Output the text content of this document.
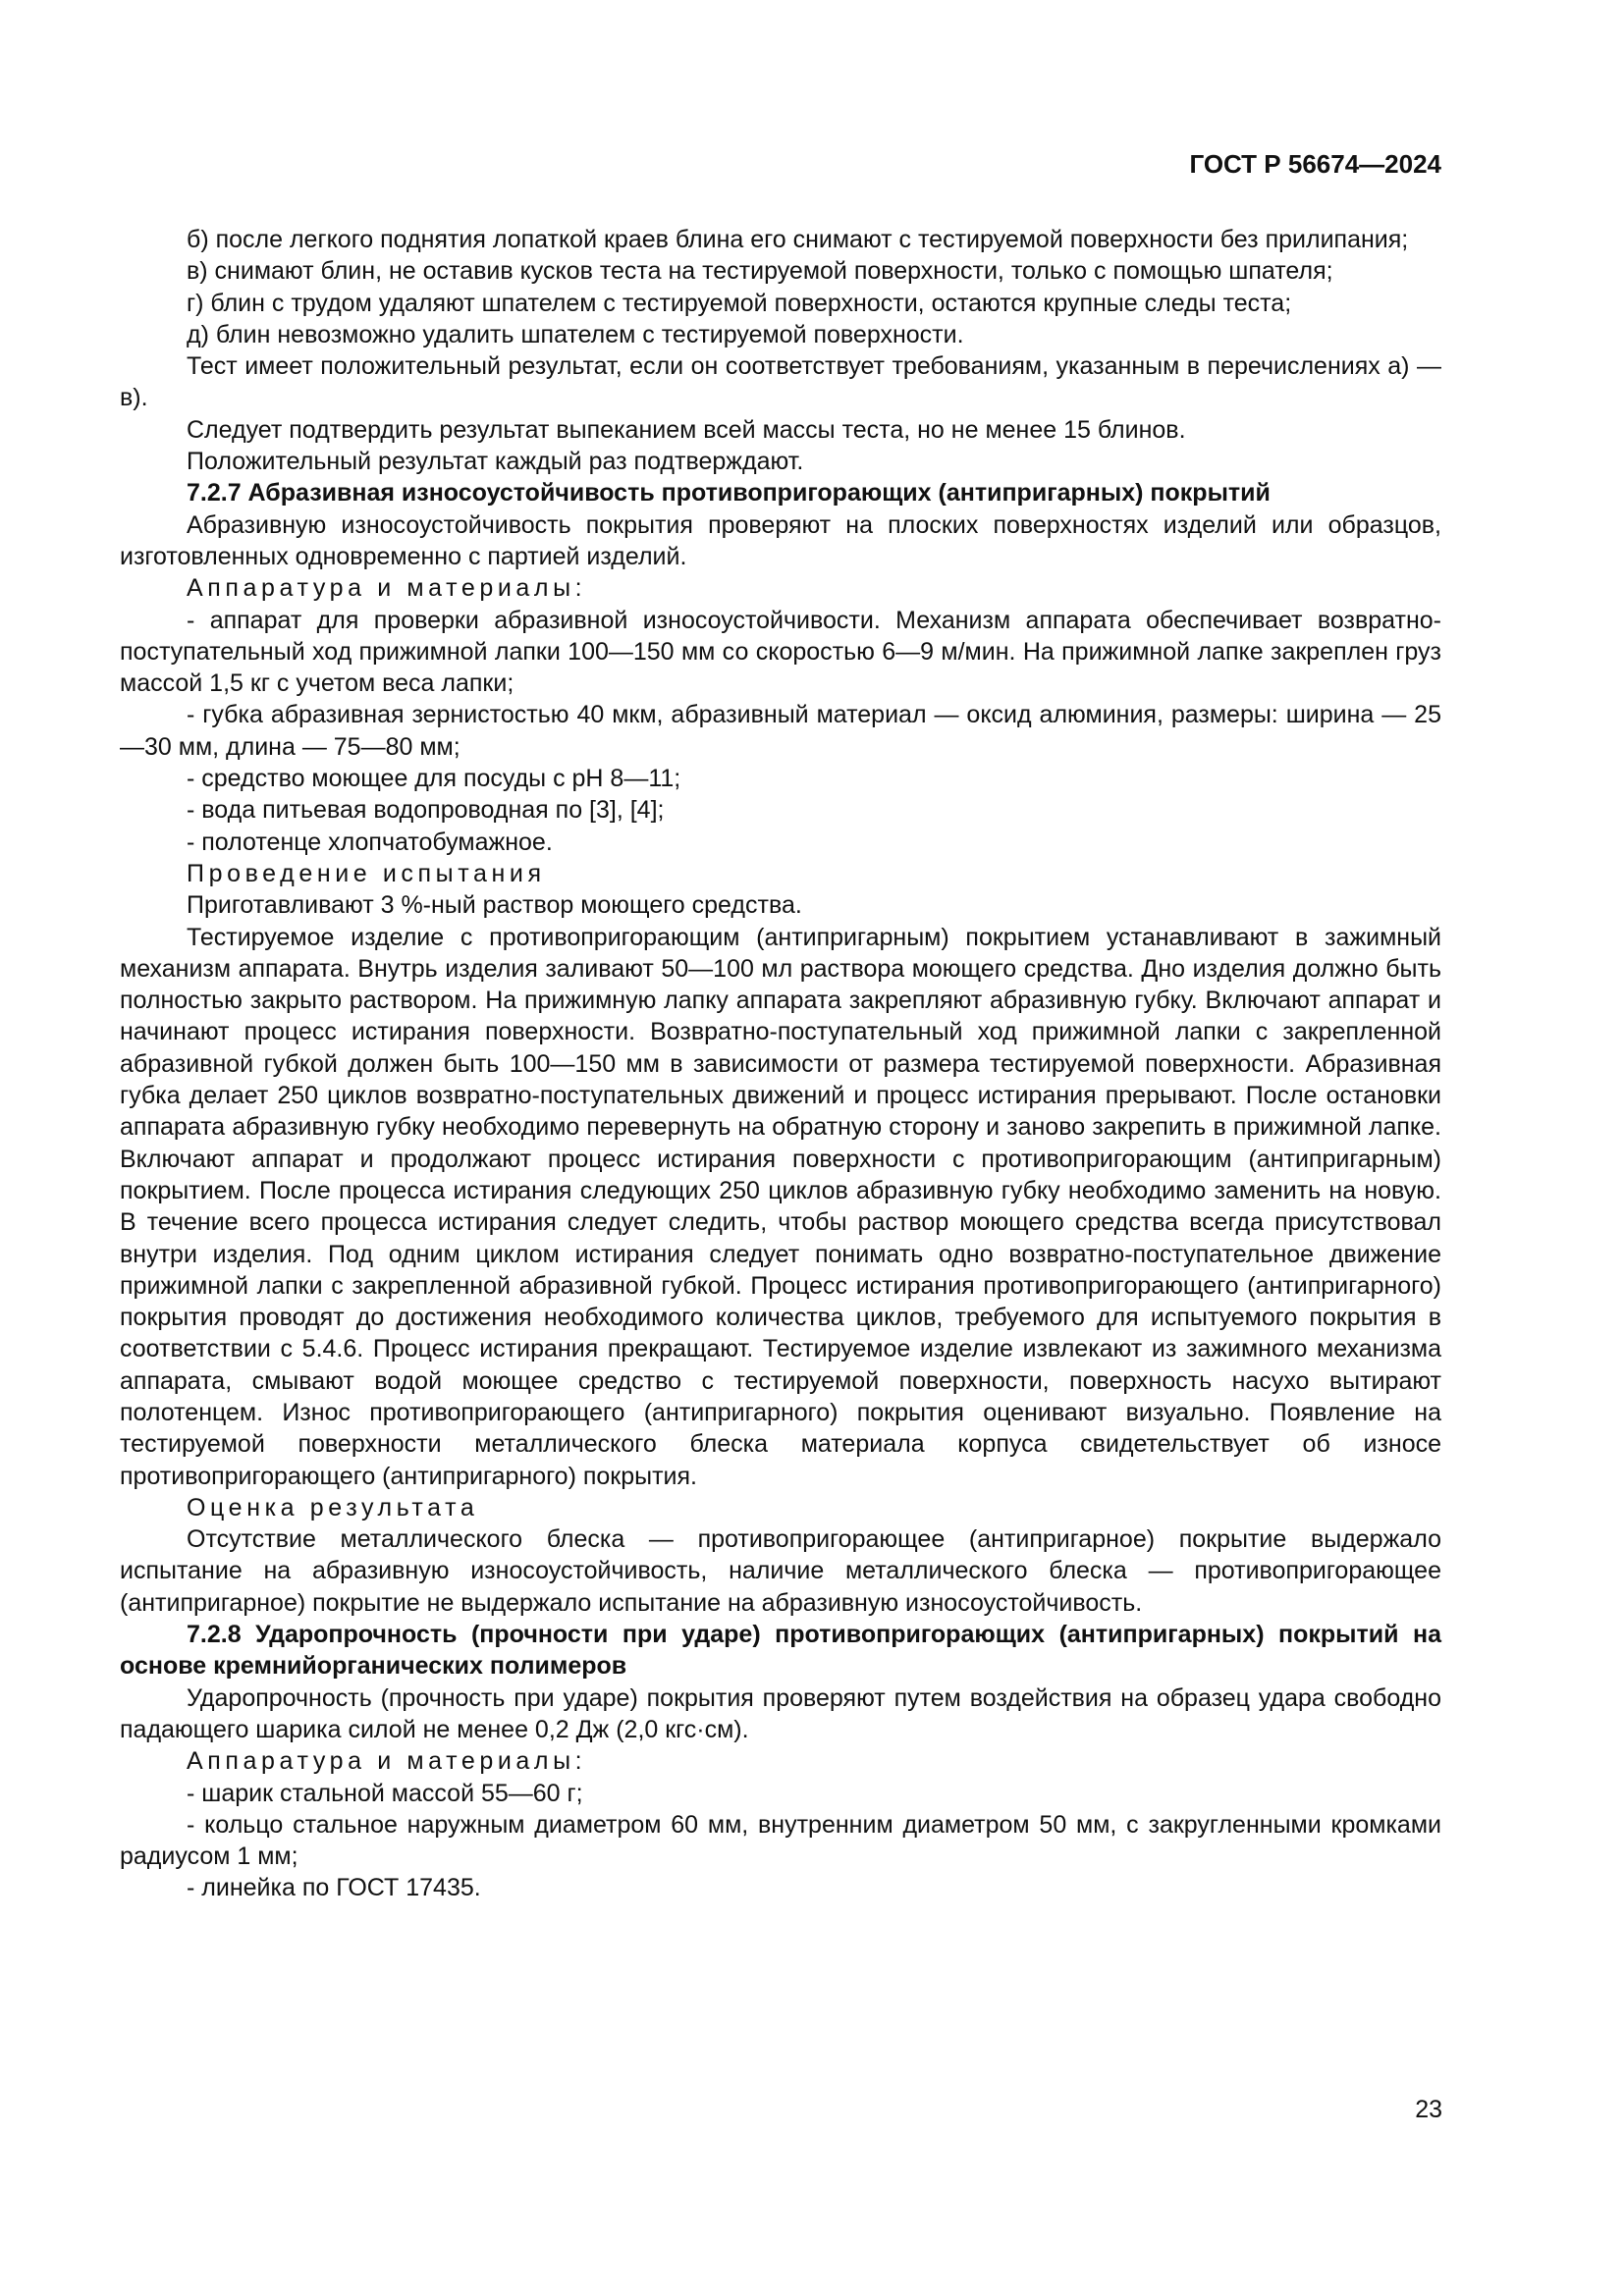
ГОСТ Р 56674—2024

б) после легкого поднятия лопаткой краев блина его снимают с тестируемой поверхности без прилипания;

в) снимают блин, не оставив кусков теста на тестируемой поверхности, только с помощью шпателя;

г) блин с трудом удаляют шпателем с тестируемой поверхности, остаются крупные следы теста;

д) блин невозможно удалить шпателем с тестируемой поверхности.

Тест имеет положительный результат, если он соответствует требованиям, указанным в перечислениях а) — в).

Следует подтвердить результат выпеканием всей массы теста, но не менее 15 блинов.

Положительный результат каждый раз подтверждают.

7.2.7 Абразивная износоустойчивость противопригорающих (антипригарных) покрытий

Абразивную износоустойчивость покрытия проверяют на плоских поверхностях изделий или образцов, изготовленных одновременно с партией изделий.

Аппаратура и материалы:

- аппарат для проверки абразивной износоустойчивости. Механизм аппарата обеспечивает возвратно-поступательный ход прижимной лапки 100—150 мм со скоростью 6—9 м/мин. На прижимной лапке закреплен груз массой 1,5 кг с учетом веса лапки;

- губка абразивная зернистостью 40 мкм, абразивный материал — оксид алюминия, размеры: ширина — 25—30 мм, длина — 75—80 мм;

- средство моющее для посуды с pH 8—11;

- вода питьевая водопроводная по [3], [4];

- полотенце хлопчатобумажное.

Проведение испытания

Приготавливают 3 %-ный раствор моющего средства.

Тестируемое изделие с противопригорающим (антипригарным) покрытием устанавливают в зажимный механизм аппарата. Внутрь изделия заливают 50—100 мл раствора моющего средства. Дно изделия должно быть полностью закрыто раствором. На прижимную лапку аппарата закрепляют абразивную губку. Включают аппарат и начинают процесс истирания поверхности. Возвратно-поступательный ход прижимной лапки с закрепленной абразивной губкой должен быть 100—150 мм в зависимости от размера тестируемой поверхности. Абразивная губка делает 250 циклов возвратно-поступательных движений и процесс истирания прерывают. После остановки аппарата абразивную губку необходимо перевернуть на обратную сторону и заново закрепить в прижимной лапке. Включают аппарат и продолжают процесс истирания поверхности с противопригорающим (антипригарным) покрытием. После процесса истирания следующих 250 циклов абразивную губку необходимо заменить на новую. В течение всего процесса истирания следует следить, чтобы раствор моющего средства всегда присутствовал внутри изделия. Под одним циклом истирания следует понимать одно возвратно-поступательное движение прижимной лапки с закрепленной абразивной губкой. Процесс истирания противопригорающего (антипригарного) покрытия проводят до достижения необходимого количества циклов, требуемого для испытуемого покрытия в соответствии с 5.4.6. Процесс истирания прекращают. Тестируемое изделие извлекают из зажимного механизма аппарата, смывают водой моющее средство с тестируемой поверхности, поверхность насухо вытирают полотенцем. Износ противопригорающего (антипригарного) покрытия оценивают визуально. Появление на тестируемой поверхности металлического блеска материала корпуса свидетельствует об износе противопригорающего (антипригарного) покрытия.

Оценка результата

Отсутствие металлического блеска — противопригорающее (антипригарное) покрытие выдержало испытание на абразивную износоустойчивость, наличие металлического блеска — противопригорающее (антипригарное) покрытие не выдержало испытание на абразивную износоустойчивость.

7.2.8 Ударопрочность (прочности при ударе) противопригорающих (антипригарных) покрытий на основе кремнийорганических полимеров

Ударопрочность (прочность при ударе) покрытия проверяют путем воздействия на образец удара свободно падающего шарика силой не менее 0,2 Дж (2,0 кгс·см).

Аппаратура и материалы:

- шарик стальной массой 55—60 г;

- кольцо стальное наружным диаметром 60 мм, внутренним диаметром 50 мм, с закругленными кромками радиусом 1 мм;

- линейка по ГОСТ 17435.

23
